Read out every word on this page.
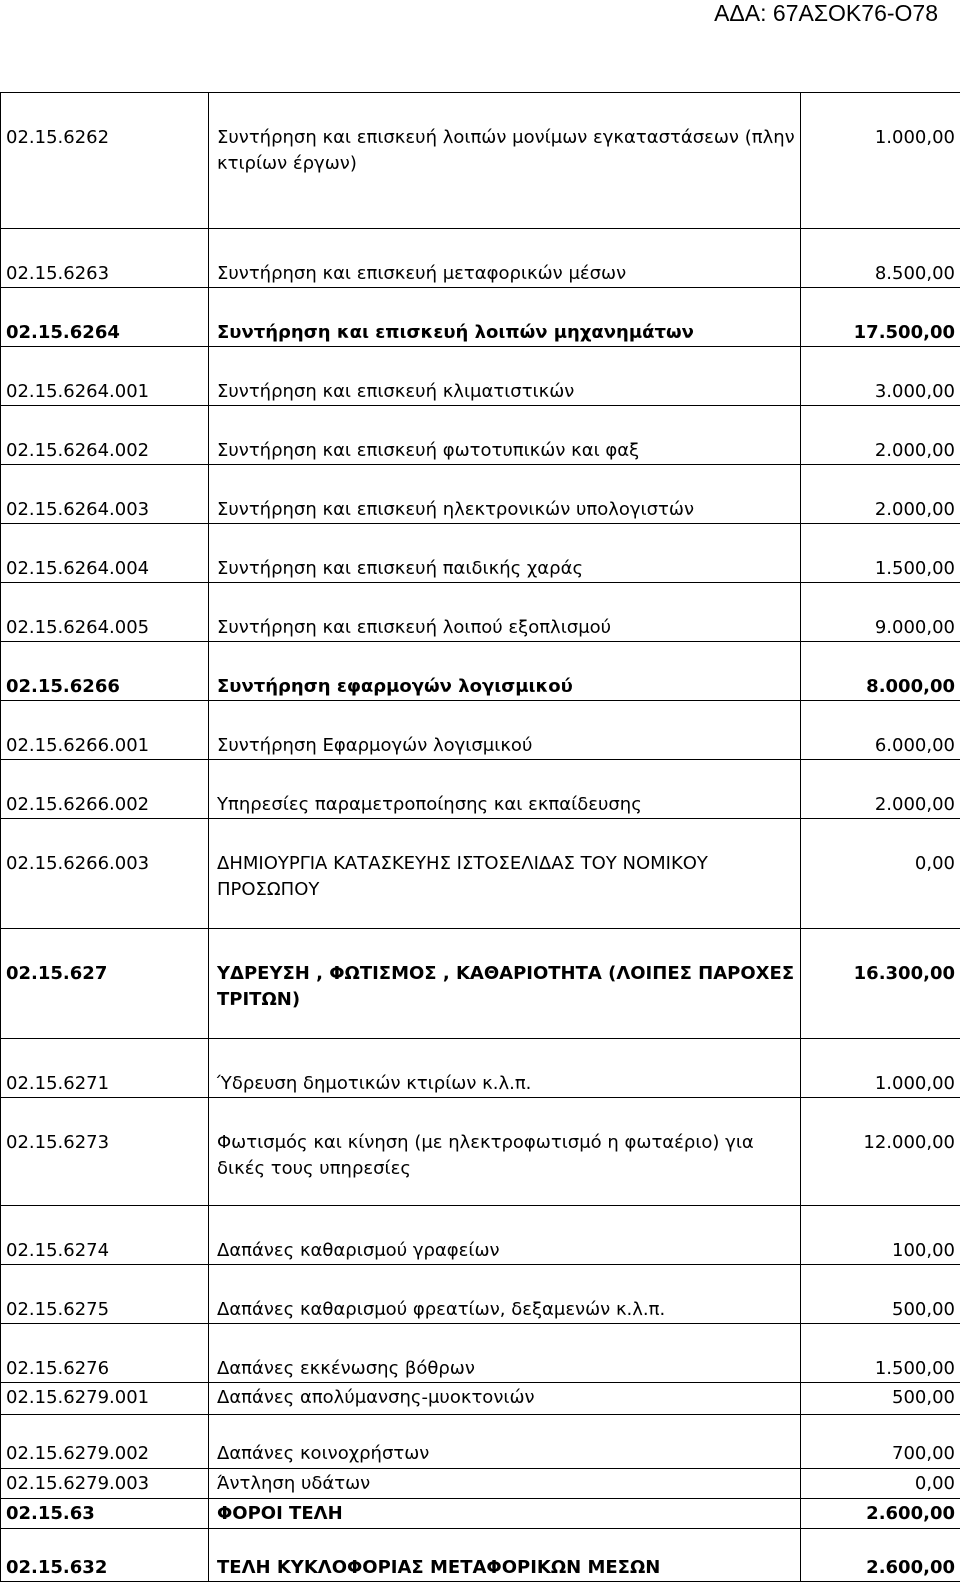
ΑΔΑ: 67ΑΣΟΚ76-Ο78
02.15.6262	Συντήρηση και επισκευή λοιπών μονίμων εγκαταστάσεων (πλην κτιρίων έργων)	1.000,00
02.15.6263	Συντήρηση και επισκευή μεταφορικών μέσων	8.500,00
02.15.6264	Συντήρηση και επισκευή λοιπών μηχανημάτων	17.500,00
02.15.6264.001	Συντήρηση και επισκευή κλιματιστικών	3.000,00
02.15.6264.002	Συντήρηση και επισκευή φωτοτυπικών και φαξ	2.000,00
02.15.6264.003	Συντήρηση και επισκευή ηλεκτρονικών υπολογιστών	2.000,00
02.15.6264.004	Συντήρηση και επισκευή παιδικής χαράς	1.500,00
02.15.6264.005	Συντήρηση και επισκευή λοιπού εξοπλισμού	9.000,00
02.15.6266	Συντήρηση εφαρμογών λογισμικού	8.000,00
02.15.6266.001	Συντήρηση Εφαρμογών λογισμικού	6.000,00
02.15.6266.002	Υπηρεσίες παραμετροποίησης και εκπαίδευσης	2.000,00
02.15.6266.003	ΔΗΜΙΟΥΡΓΙΑ ΚΑΤΑΣΚΕΥΗΣ ΙΣΤΟΣΕΛΙΔΑΣ ΤΟΥ ΝΟΜΙΚΟΥ ΠΡΟΣΩΠΟΥ	0,00
02.15.627	ΥΔΡΕΥΣΗ , ΦΩΤΙΣΜΟΣ , ΚΑΘΑΡΙΟΤΗΤΑ (ΛΟΙΠΕΣ ΠΑΡΟΧΕΣ ΤΡΙΤΩΝ)	16.300,00
02.15.6271	Ύδρευση δημοτικών κτιρίων κ.λ.π.	1.000,00
02.15.6273	Φωτισμός και κίνηση (με ηλεκτροφωτισμό η φωταέριο) για δικές τους υπηρεσίες	12.000,00
02.15.6274	Δαπάνες καθαρισμού γραφείων	100,00
02.15.6275	Δαπάνες καθαρισμού φρεατίων, δεξαμενών κ.λ.π.	500,00
02.15.6276	Δαπάνες εκκένωσης βόθρων	1.500,00
02.15.6279.001	Δαπάνες απολύμανσης-μυοκτονιών	500,00
02.15.6279.002	Δαπάνες κοινοχρήστων	700,00
02.15.6279.003	Άντληση υδάτων	0,00
02.15.63	ΦΟΡΟΙ ΤΕΛΗ	2.600,00
02.15.632	ΤΕΛΗ ΚΥΚΛΟΦΟΡΙΑΣ ΜΕΤΑΦΟΡΙΚΩΝ ΜΕΣΩΝ	2.600,00
